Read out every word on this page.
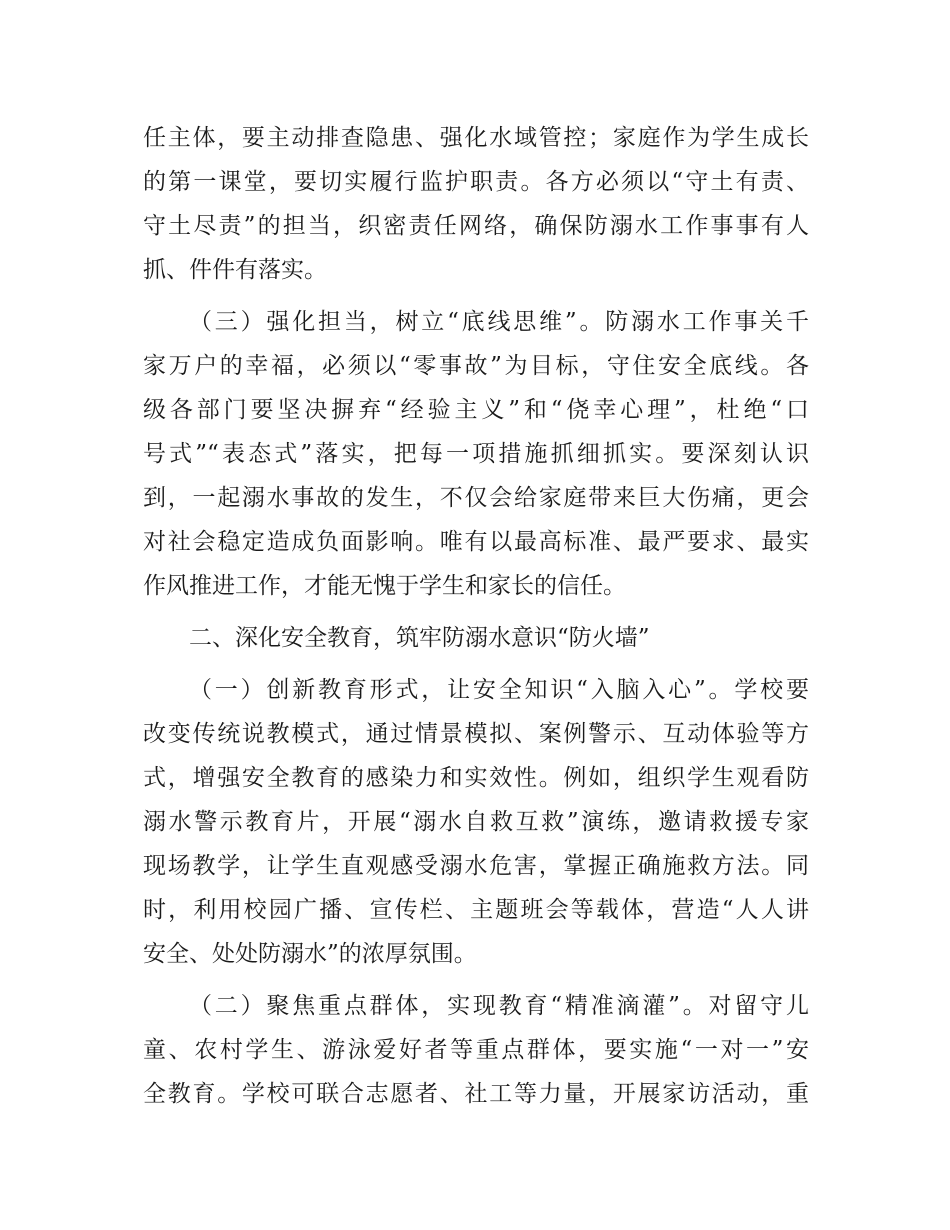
任主体，要主动排查隐患、强化水域管控；家庭作为学生成长
的第一课堂，要切实履行监护职责。各方必须以“守土有责、
守土尽责”的担当，织密责任网络，确保防溺水工作事事有人
抓、件件有落实。
（三）强化担当，树立“底线思维”。防溺水工作事关千
家万户的幸福，必须以“零事故”为目标，守住安全底线。各
级各部门要坚决摒弃“经验主义”和“侥幸心理”，杜绝“口
号式”“表态式”落实，把每一项措施抓细抓实。要深刻认识
到，一起溺水事故的发生，不仅会给家庭带来巨大伤痛，更会
对社会稳定造成负面影响。唯有以最高标准、最严要求、最实
作风推进工作，才能无愧于学生和家长的信任。
二、深化安全教育，筑牢防溺水意识“防火墙”
（一）创新教育形式，让安全知识“入脑入心”。学校要
改变传统说教模式，通过情景模拟、案例警示、互动体验等方
式，增强安全教育的感染力和实效性。例如，组织学生观看防
溺水警示教育片，开展“溺水自救互救”演练，邀请救援专家
现场教学，让学生直观感受溺水危害，掌握正确施救方法。同
时，利用校园广播、宣传栏、主题班会等载体，营造“人人讲
安全、处处防溺水”的浓厚氛围。
（二）聚焦重点群体，实现教育“精准滴灌”。对留守儿
童、农村学生、游泳爱好者等重点群体，要实施“一对一”安
全教育。学校可联合志愿者、社工等力量，开展家访活动，重
